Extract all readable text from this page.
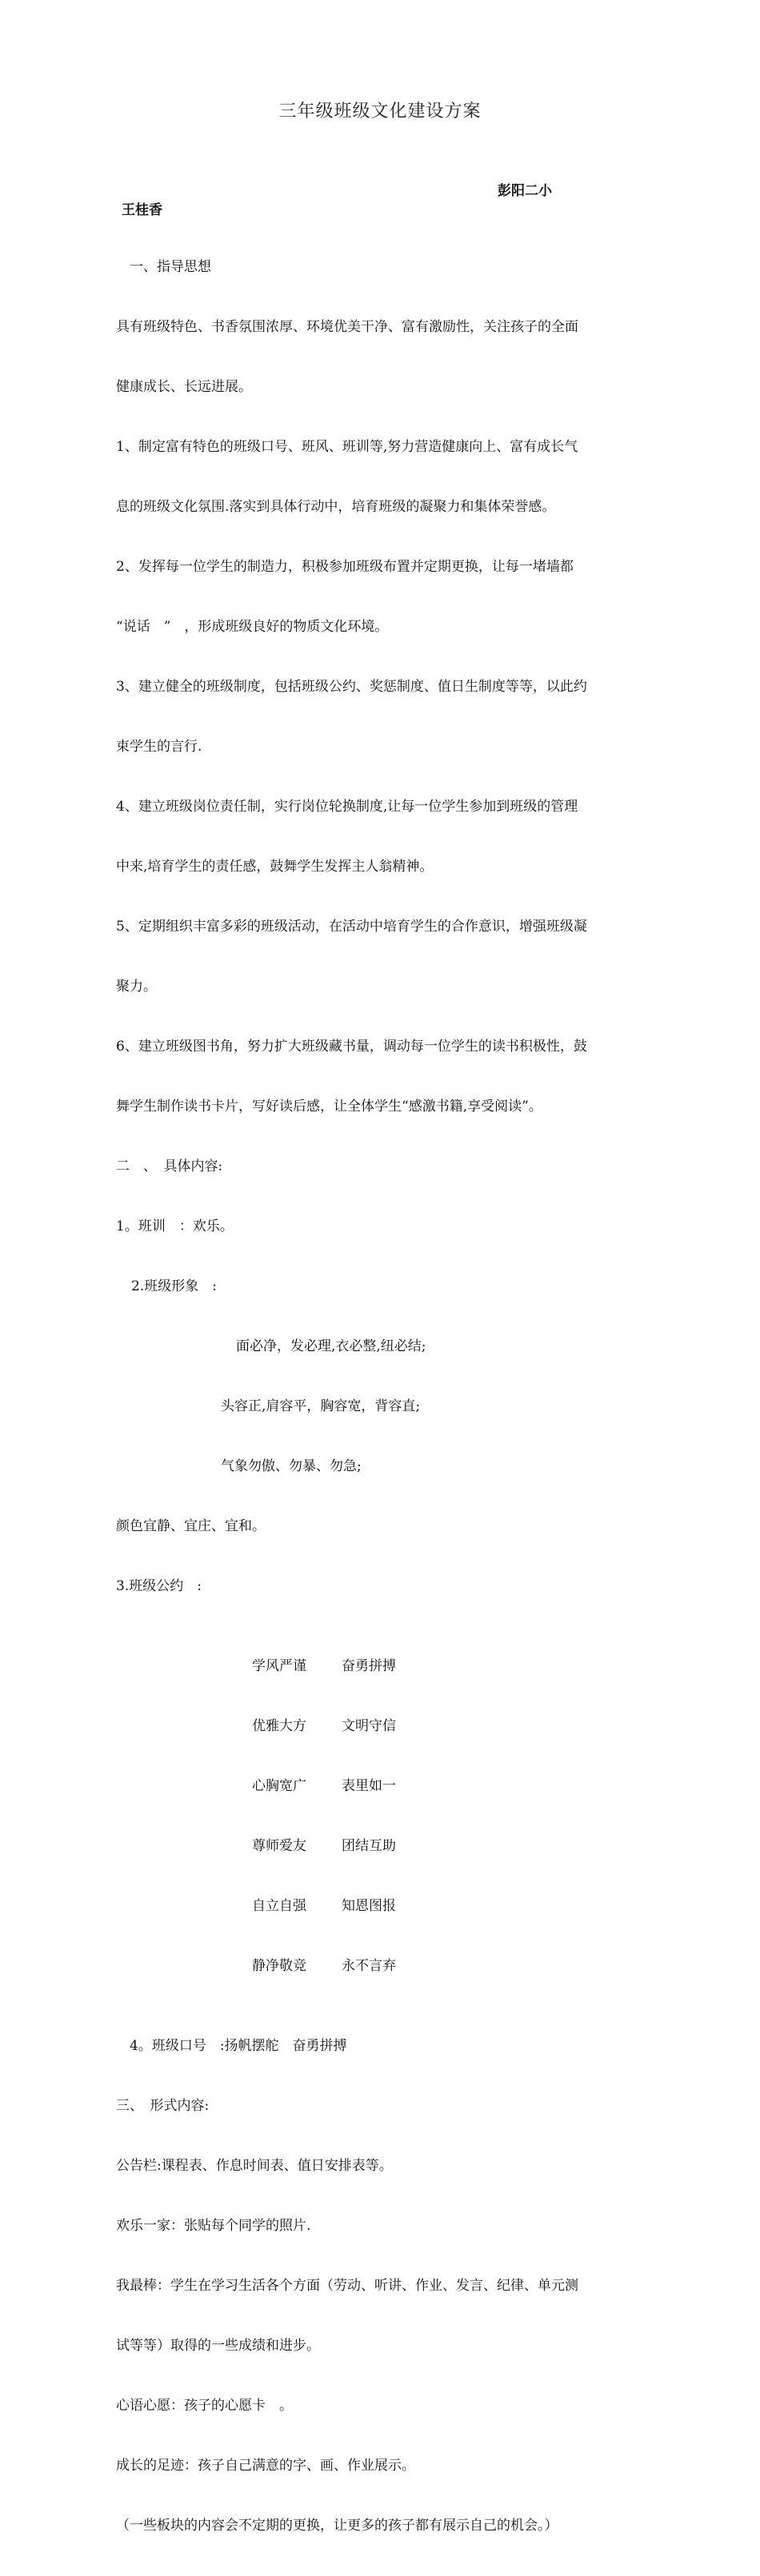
三年级班级文化建设方案
彭阳二小
王桂香

一、指导思想

具有班级特色、书香氛围浓厚、环境优美干净、富有激励性，关注孩子的全面

健康成长、长远进展。

1、制定富有特色的班级口号、班风、班训等,努力营造健康向上、富有成长气

息的班级文化氛围.落实到具体行动中，培育班级的凝聚力和集体荣誉感。

2、发挥每一位学生的制造力，积极参加班级布置并定期更换，让每一堵墙都

“说话　”　，形成班级良好的物质文化环境。

3、建立健全的班级制度，包括班级公约、奖惩制度、值日生制度等等，以此约

束学生的言行.

4、建立班级岗位责任制，实行岗位轮换制度,让每一位学生参加到班级的管理

中来,培育学生的责任感，鼓舞学生发挥主人翁精神。

5、定期组织丰富多彩的班级活动，在活动中培育学生的合作意识，增强班级凝

聚力。

6、建立班级图书角，努力扩大班级藏书量，调动每一位学生的读书积极性，鼓

舞学生制作读书卡片，写好读后感，让全体学生“感激书籍,享受阅读”。

二　、　具体内容:

1。班训　：欢乐。

2.班级形象　:

面必净，发必理,衣必整,纽必结;

头容正,肩容平，胸容宽，背容直;

气象勿傲、勿暴、勿急;

颜色宜静、宜庄、宜和。

3.班级公约　:

学风严谨	奋勇拼搏

优雅大方	文明守信

心胸宽广	表里如一

尊师爱友	团结互助

自立自强	知恩图报

静净敬竞	永不言弃

4。班级口号　:扬帆摆舵　奋勇拼搏

三、　形式内容:

公告栏:课程表、作息时间表、值日安排表等。

欢乐一家：张贴每个同学的照片.

我最棒：学生在学习生活各个方面（劳动、听讲、作业、发言、纪律、单元测

试等等）取得的一些成绩和进步。

心语心愿：孩子的心愿卡　。

成长的足迹：孩子自己满意的字、画、作业展示。

（一些板块的内容会不定期的更换，让更多的孩子都有展示自己的机会。）
